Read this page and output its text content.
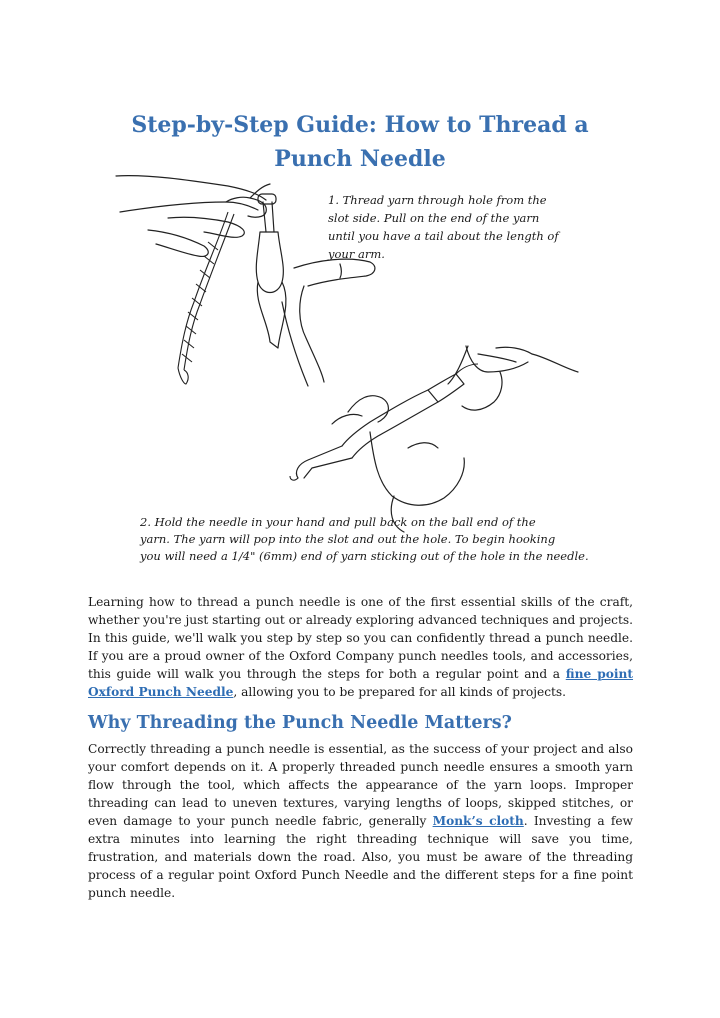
Step-by-Step Guide: How to Thread a Punch Needle
1. Thread yarn through hole from the
slot side. Pull on the end of the yarn
until you have a tail about the length of
your arm.
2. Hold the needle in your hand and pull back on the ball end of the
yarn. The yarn will pop into the slot and out the hole. To begin hooking
you will need a 1/4" (6mm) end of yarn sticking out of the hole in the needle.

Learning how to thread a punch needle is one of the first essential skills of the craft, whether you're just starting out or already exploring advanced techniques and projects. In this guide, we'll walk you step by step so you can confidently thread a punch needle. If you are a proud owner of the Oxford Company punch needles tools, and accessories, this guide will walk you through the steps for both a regular point and a fine point Oxford Punch Needle, allowing you to be prepared for all kinds of projects.

Why Threading the Punch Needle Matters?

Correctly threading a punch needle is essential, as the success of your project and also your comfort depends on it. A properly threaded punch needle ensures a smooth yarn flow through the tool, which affects the appearance of the yarn loops. Improper threading can lead to uneven textures, varying lengths of loops, skipped stitches, or even damage to your punch needle fabric, generally Monk’s cloth. Investing a few extra minutes into learning the right threading technique will save you time, frustration, and materials down the road. Also, you must be aware of the threading process of a regular point Oxford Punch Needle and the different steps for a fine point punch needle.
